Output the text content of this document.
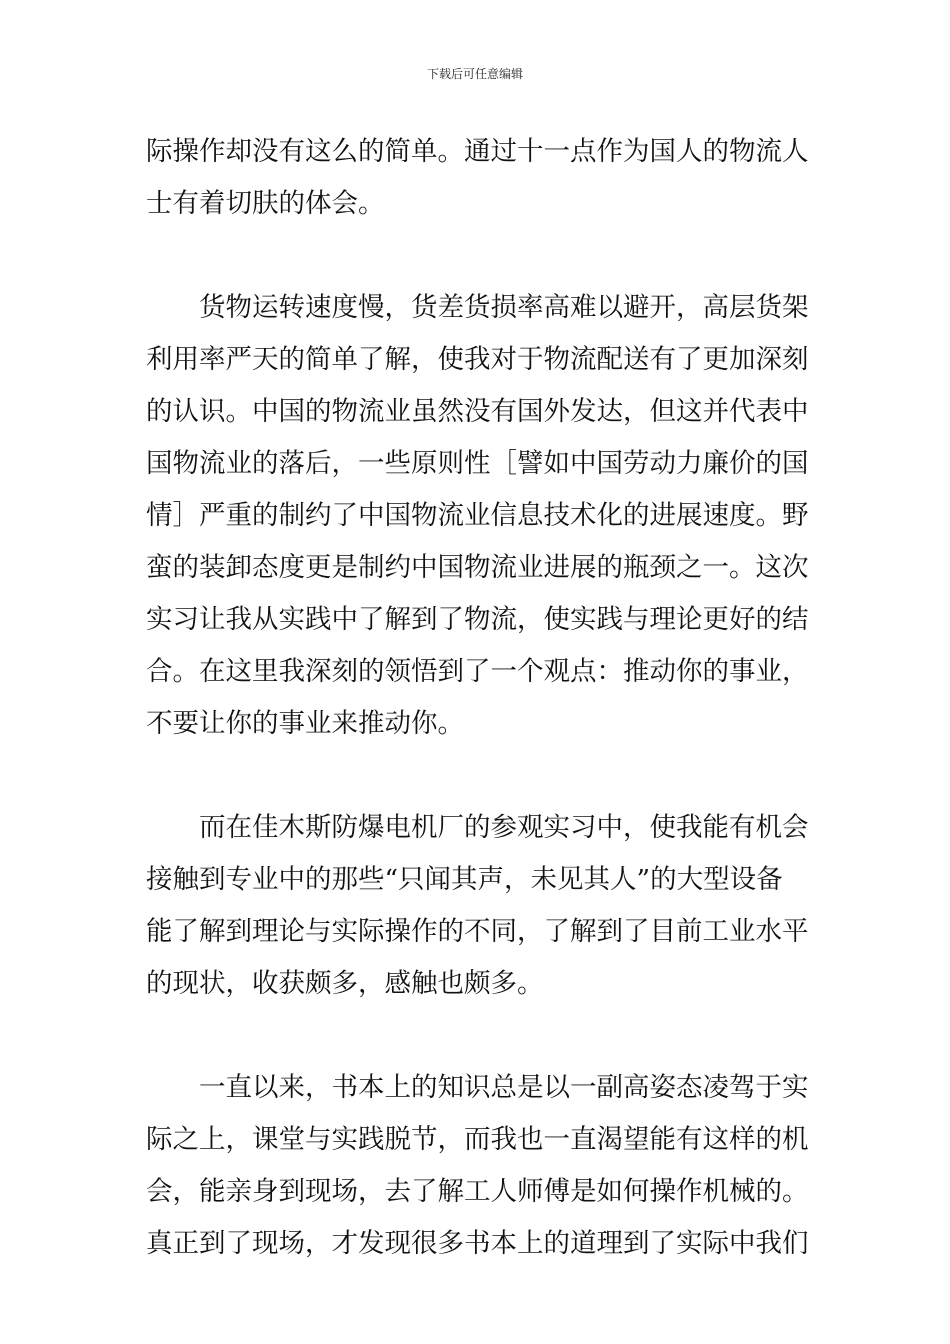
下载后可任意编辑
际操作却没有这么的简单。通过十一点作为国人的物流人
士有着切肤的体会。
　　货物运转速度慢，货差货损率高难以避开，高层货架
利用率严天的简单了解，使我对于物流配送有了更加深刻
的认识。中国的物流业虽然没有国外发达，但这并代表中
国物流业的落后，一些原则性［譬如中国劳动力廉价的国
情］严重的制约了中国物流业信息技术化的进展速度。野
蛮的装卸态度更是制约中国物流业进展的瓶颈之一。这次
实习让我从实践中了解到了物流，使实践与理论更好的结
合。在这里我深刻的领悟到了一个观点：推动你的事业，
不要让你的事业来推动你。
　　而在佳木斯防爆电机厂的参观实习中，使我能有机会
接触到专业中的那些“只闻其声，未见其人”的大型设备
能了解到理论与实际操作的不同，了解到了目前工业水平
的现状，收获颇多，感触也颇多。
　　一直以来，书本上的知识总是以一副高姿态凌驾于实
际之上，课堂与实践脱节，而我也一直渴望能有这样的机
会，能亲身到现场，去了解工人师傅是如何操作机械的。
真正到了现场，才发现很多书本上的道理到了实际中我们
